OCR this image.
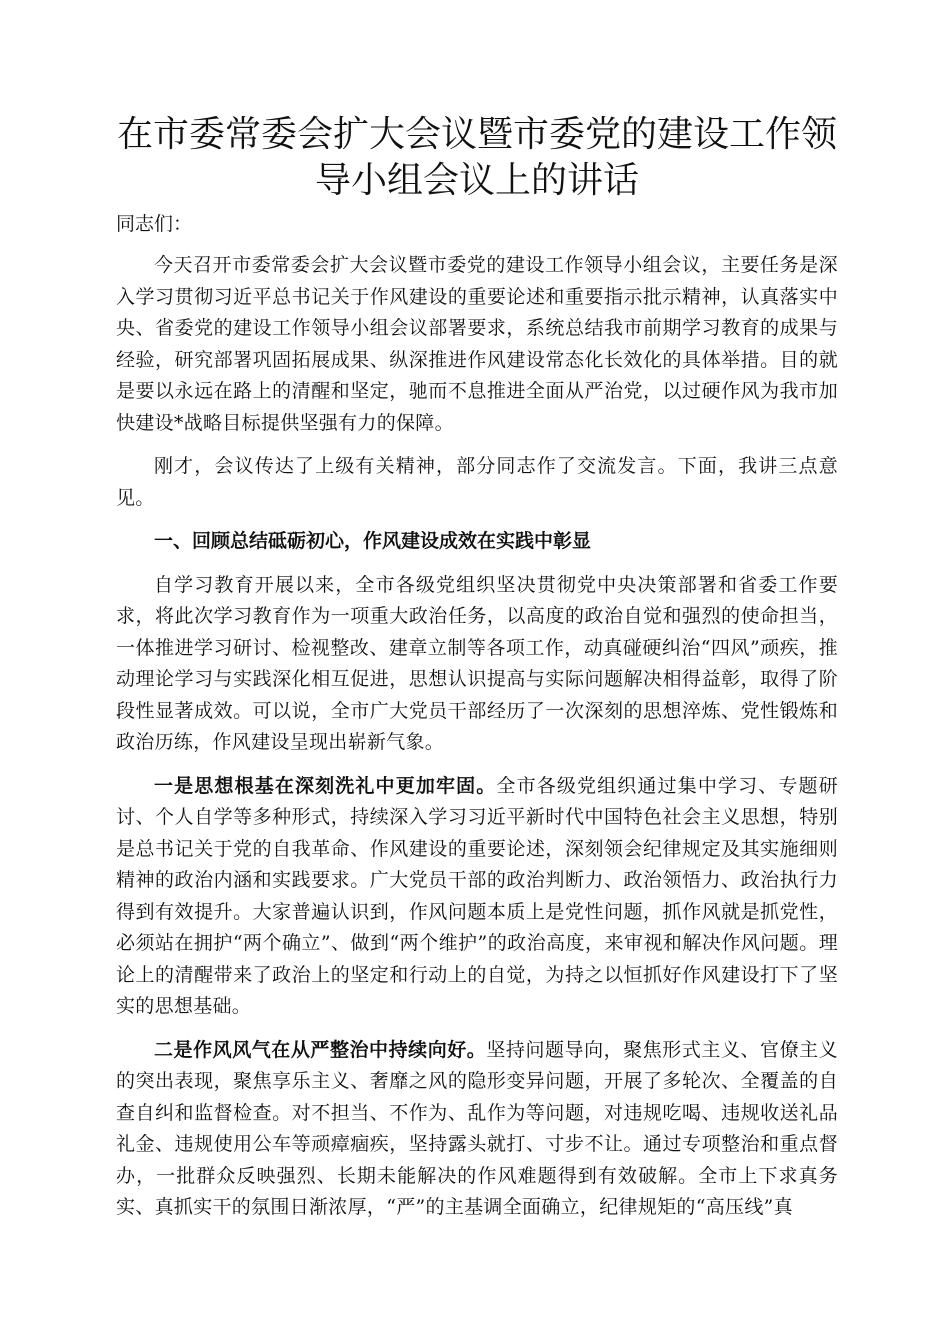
在市委常委会扩大会议暨市委党的建设工作领
导小组会议上的讲话

同志们：

今天召开市委常委会扩大会议暨市委党的建设工作领导小组会议，主要任务是深入学习贯彻习近平总书记关于作风建设的重要论述和重要指示批示精神，认真落实中央、省委党的建设工作领导小组会议部署要求，系统总结我市前期学习教育的成果与经验，研究部署巩固拓展成果、纵深推进作风建设常态化长效化的具体举措。目的就是要以永远在路上的清醒和坚定，驰而不息推进全面从严治党，以过硬作风为我市加快建设*战略目标提供坚强有力的保障。

刚才，会议传达了上级有关精神，部分同志作了交流发言。下面，我讲三点意见。

一、回顾总结砥砺初心，作风建设成效在实践中彰显

自学习教育开展以来，全市各级党组织坚决贯彻党中央决策部署和省委工作要求，将此次学习教育作为一项重大政治任务，以高度的政治自觉和强烈的使命担当，一体推进学习研讨、检视整改、建章立制等各项工作，动真碰硬纠治“四风”顽疾，推动理论学习与实践深化相互促进，思想认识提高与实际问题解决相得益彰，取得了阶段性显著成效。可以说，全市广大党员干部经历了一次深刻的思想淬炼、党性锻炼和政治历练，作风建设呈现出崭新气象。

一是思想根基在深刻洗礼中更加牢固。全市各级党组织通过集中学习、专题研讨、个人自学等多种形式，持续深入学习习近平新时代中国特色社会主义思想，特别是总书记关于党的自我革命、作风建设的重要论述，深刻领会纪律规定及其实施细则精神的政治内涵和实践要求。广大党员干部的政治判断力、政治领悟力、政治执行力得到有效提升。大家普遍认识到，作风问题本质上是党性问题，抓作风就是抓党性，必须站在拥护“两个确立”、做到“两个维护”的政治高度，来审视和解决作风问题。理论上的清醒带来了政治上的坚定和行动上的自觉，为持之以恒抓好作风建设打下了坚实的思想基础。

二是作风风气在从严整治中持续向好。坚持问题导向，聚焦形式主义、官僚主义的突出表现，聚焦享乐主义、奢靡之风的隐形变异问题，开展了多轮次、全覆盖的自查自纠和监督检查。对不担当、不作为、乱作为等问题，对违规吃喝、违规收送礼品礼金、违规使用公车等顽瘴痼疾，坚持露头就打、寸步不让。通过专项整治和重点督办，一批群众反映强烈、长期未能解决的作风难题得到有效破解。全市上下求真务实、真抓实干的氛围日渐浓厚，“严”的主基调全面确立，纪律规矩的“高压线”真
